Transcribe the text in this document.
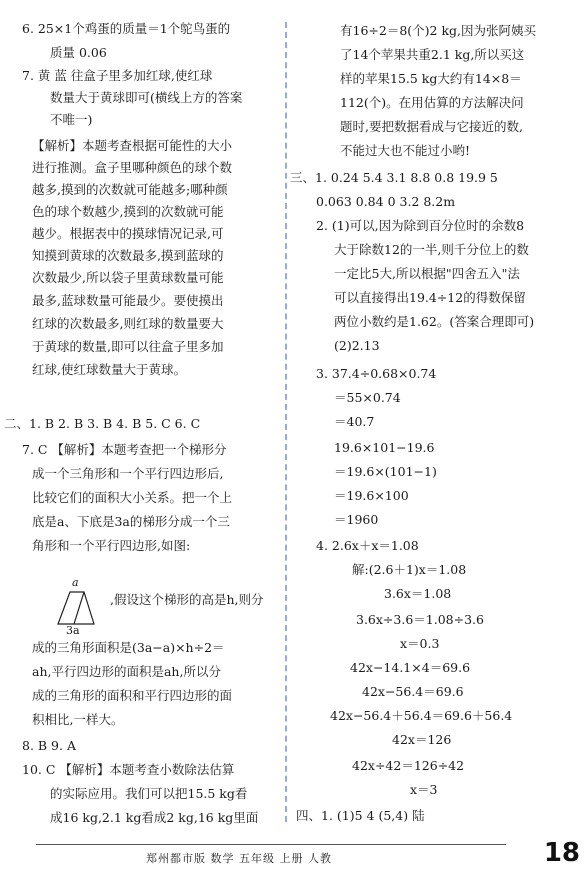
6. 25×1个鸡蛋的质量＝1个鸵鸟蛋的
质量 0.06
7. 黄 蓝 往盒子里多加红球,使红球
数量大于黄球即可(横线上方的答案
不唯一)
【解析】本题考查根据可能性的大小
进行推测。盒子里哪种颜色的球个数
越多,摸到的次数就可能越多;哪种颜
色的球个数越少,摸到的次数就可能
越少。根据表中的摸球情况记录,可
知摸到黄球的次数最多,摸到蓝球的
次数最少,所以袋子里黄球数量可能
最多,蓝球数量可能最少。要使摸出
红球的次数最多,则红球的数量要大
于黄球的数量,即可以往盒子里多加
红球,使红球数量大于黄球。
二、1. B 2. B 3. B 4. B 5. C 6. C
7. C 【解析】本题考查把一个梯形分
成一个三角形和一个平行四边形后,
比较它们的面积大小关系。把一个上
底是a、下底是3a的梯形分成一个三
角形和一个平行四边形,如图:
,假设这个梯形的高是h,则分
成的三角形面积是(3a−a)×h÷2＝
ah,平行四边形的面积是ah,所以分
成的三角形的面积和平行四边形的面
积相比,一样大。
8. B 9. A
10. C 【解析】本题考查小数除法估算
的实际应用。我们可以把15.5 kg看
成16 kg,2.1 kg看成2 kg,16 kg里面
有16÷2＝8(个)2 kg,因为张阿姨买
了14个苹果共重2.1 kg,所以买这
样的苹果15.5 kg大约有14×8＝
112(个)。在用估算的方法解决问
题时,要把数据看成与它接近的数,
不能过大也不能过小哟!
三、1. 0.24 5.4 3.1 8.8 0.8 19.9 5
0.063 0.84 0 3.2 8.2m
2. (1)可以,因为除到百分位时的余数8
大于除数12的一半,则千分位上的数
一定比5大,所以根据"四舍五入"法
可以直接得出19.4÷12的得数保留
两位小数约是1.62。(答案合理即可)
(2)2.13
3. 37.4÷0.68×0.74
＝55×0.74
＝40.7
19.6×101−19.6
＝19.6×(101−1)
＝19.6×100
＝1960
4. 2.6x＋x＝1.08
解:(2.6＋1)x＝1.08
3.6x＝1.08
3.6x÷3.6＝1.08÷3.6
x＝0.3
42x−14.1×4＝69.6
42x−56.4＝69.6
42x−56.4＋56.4＝69.6＋56.4
42x＝126
42x÷42＝126÷42
x＝3
四、1. (1)5 4 (5,4) 陆
a
3a
郑州都市版 数学 五年级 上册 人教	18
